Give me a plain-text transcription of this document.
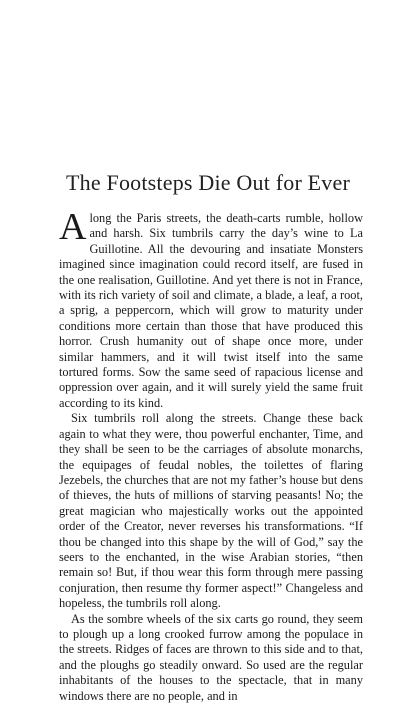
The Footsteps Die Out for Ever

Along the Paris streets, the death-carts rumble, hollow and harsh. Six tumbrils carry the day’s wine to La Guillotine. All the devouring and insatiate Monsters imagined since imagination could record itself, are fused in the one realisation, Guillotine. And yet there is not in France, with its rich variety of soil and climate, a blade, a leaf, a root, a sprig, a peppercorn, which will grow to maturity under conditions more certain than those that have produced this horror. Crush humanity out of shape once more, under similar hammers, and it will twist itself into the same tortured forms. Sow the same seed of rapacious license and oppression over again, and it will surely yield the same fruit according to its kind.

Six tumbrils roll along the streets. Change these back again to what they were, thou powerful enchanter, Time, and they shall be seen to be the carriages of absolute monarchs, the equipages of feudal nobles, the toilettes of flaring Jezebels, the churches that are not my father’s house but dens of thieves, the huts of millions of starving peasants! No; the great magician who majestically works out the appointed order of the Creator, never reverses his transformations. “If thou be changed into this shape by the will of God,” say the seers to the enchanted, in the wise Arabian stories, “then remain so! But, if thou wear this form through mere passing conjuration, then resume thy former aspect!” Changeless and hopeless, the tumbrils roll along.

As the sombre wheels of the six carts go round, they seem to plough up a long crooked furrow among the populace in the streets. Ridges of faces are thrown to this side and to that, and the ploughs go steadily onward. So used are the regular inhabitants of the houses to the spectacle, that in many windows there are no people, and in
